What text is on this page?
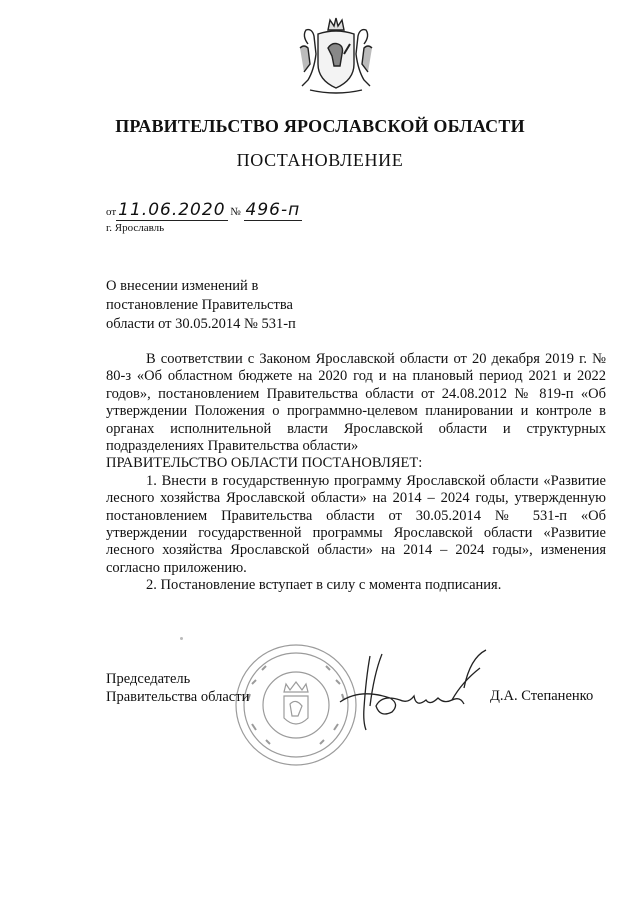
ПРАВИТЕЛЬСТВО ЯРОСЛАВСКОЙ ОБЛАСТИ
ПОСТАНОВЛЕНИЕ
от 11.06.2020 № 496-п
г. Ярославль
О внесении изменений в
постановление Правительства
области от 30.05.2014 № 531-п

В соответствии с Законом Ярославской области от 20 декабря 2019 г. № 80-з «Об областном бюджете на 2020 год и на плановый период 2021 и 2022 годов», постановлением Правительства области от 24.08.2012 № 819-п «Об утверждении Положения о программно-целевом планировании и контроле в органах исполнительной власти Ярославской области и структурных подразделениях Правительства области»

ПРАВИТЕЛЬСТВО ОБЛАСТИ ПОСТАНОВЛЯЕТ:

1. Внести в государственную программу Ярославской области «Развитие лесного хозяйства Ярославской области» на 2014 – 2024 годы, утвержденную постановлением Правительства области от 30.05.2014 № 531-п «Об утверждении государственной программы Ярославской области «Развитие лесного хозяйства Ярославской области» на 2014 – 2024 годы», изменения согласно приложению.

2. Постановление вступает в силу с момента подписания.

Председатель
Правительства области	Д.А. Степаненко
